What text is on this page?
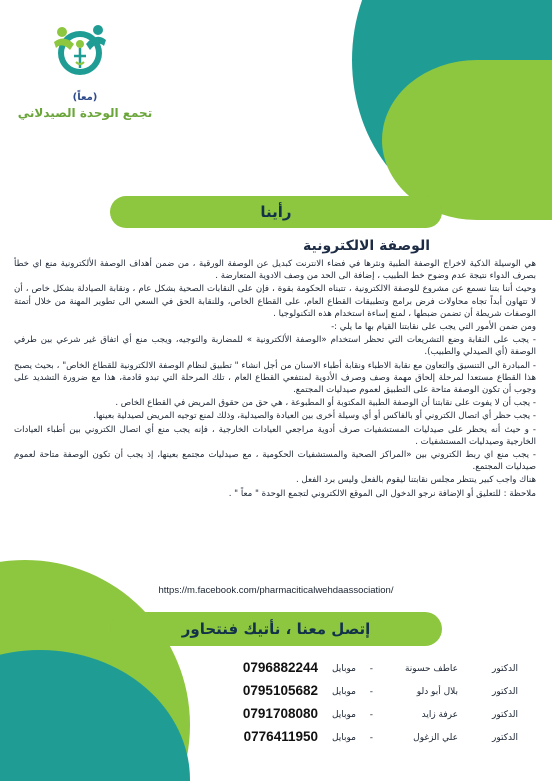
(معاً)
تجمع الوحدة الصيدلاني
رأينا
الوصفة الالكترونية

هي الوسيلة الذكية لاخراج الوصفة الطبية ونثرها في فضاء الانترنت كبديل عن الوصفة الورقية ، من ضمن أهداف الوصفة الألكترونية منع اي خطأ بصرف الدواء نتيجة عدم وضوح خط الطبيب ، إضافة الى الحد من وصف الادوية المتعارضة .

وحيث أننا بتنا نسمع عن مشروع للوصفة الالكترونية ، تتبناه الحكومة بقوة ، فإن على النقابات الصحية بشكل عام ، ونقابة الصيادلة بشكل خاص ، أن لا تتهاون أبداً تجاه محاولات فرض برامج وتطبيقات القطاع العام، على القطاع الخاص، وللنقابة الحق في السعي الى تطوير المهنة من خلال أتمتة الوصفات شريطة أن تضمن ضبطها ، لمنع إساءة استخدام هذه التكنولوجيا .

ومن ضمن الأمور التي يجب على نقابتنا القيام بها ما يلي :-

- يجب على النقابة وضع التشريعات التي تحظر استخدام «الوصفة الألكترونية » للمضاربة والتوجيه، ويجب منع أي اتفاق غير شرعي بين طرفي الوصفة (أي الصيدلي والطبيب).

- المبادرة الى التنسيق والتعاون مع نقابة الاطباء ونقابة أطباء الاسنان من أجل انشاء " تطبيق لنظام الوصفة الالكترونية للقطاع الخاص" ، بحيث يصبح هذا القطاع مستعدا لمرحلة إلحاق مهمة وصف وصرف الأدوية لمنتفعي القطاع العام ، تلك المرحلة التي تبدو قادمة، هذا مع ضرورة التشديد على وجوب أن تكون الوصفة متاحة على التطبيق لعموم صيدليات المجتمع.

- يجب أن لا يفوت على نقابتنا أن الوصفة الطبية المكتوبة أو المطبوعة ، هي حق من حقوق المريض في القطاع الخاص .

- يجب حظر أي اتصال الكتروني أو بالفاكس أو أي وسيلة أخرى بين العيادة والصيدلية، وذلك لمنع توجيه المريض لصيدلية بعينها.

- و حيث أنه يحظر على صيدليات المستشفيات صرف أدوية مراجعي العيادات الخارجية ، فإنه يجب منع أي اتصال الكتروني بين أطباء العيادات الخارجية وصيدليات المستشفيات .

- يجب منع اي ربط الكتروني بين «المراكز الصحية والمستشفيات الحكومية ، مع صيدليات مجتمع بعينها، إذ يجب أن تكون الوصفة متاحة لعموم صيدليات المجتمع.

هناك واجب كبير ينتظر مجلس نقابتنا ليقوم بالفعل وليس برد الفعل .

ملاحظة : للتعليق أو الإضافة نرجو الدخول الى الموقع الالكتروني لتجمع الوحدة " معاً " .

https://m.facebook.com/pharmaciticalwehdaassociation/
إتصل معنا ، نأتيك فنتحاور
الدكتور
عاطف حسونة
-
موبايل
0796882244
الدكتور
بلال أبو دلو
-
موبايل
0795105682
الدكتور
عرفة زايد
-
موبايل
0791708080
الدكتور
علي الزغول
-
موبايل
0776411950
